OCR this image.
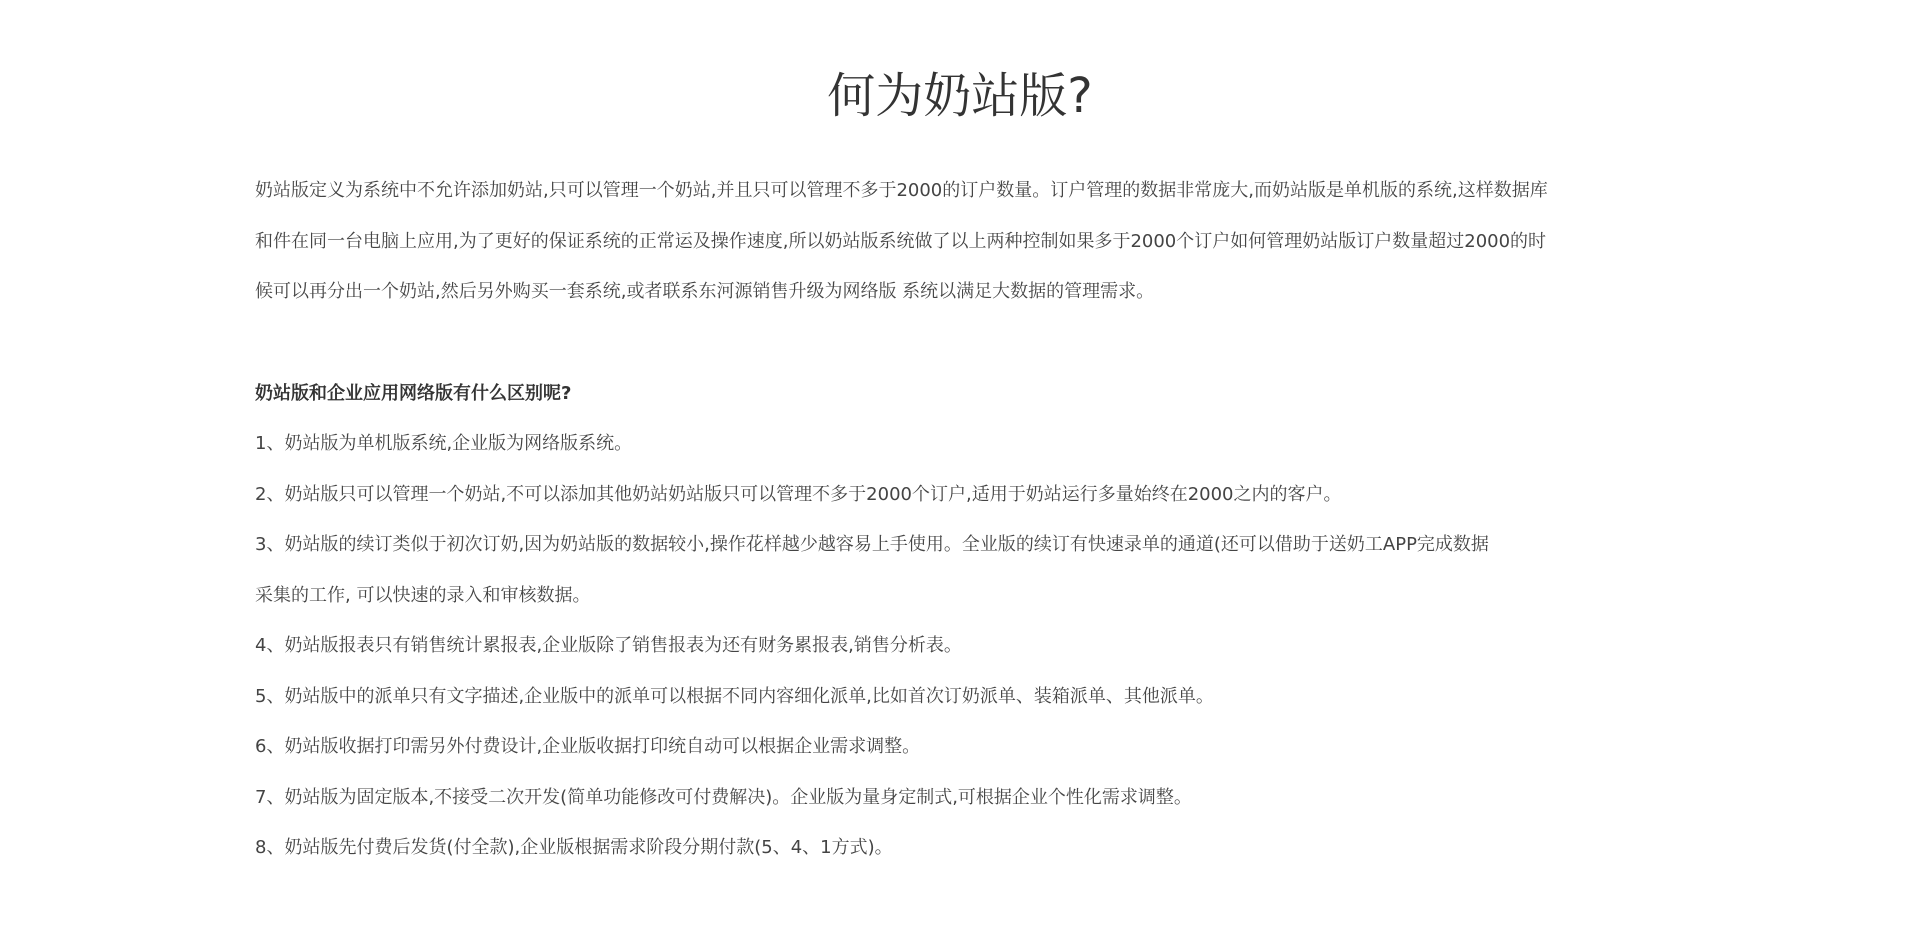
何为奶站版?

奶站版定义为系统中不允许添加奶站,只可以管理一个奶站,并且只可以管理不多于2000的订户数量。订户管理的数据非常庞大,而奶站版是单机版的系统,这样数据库

和件在同一台电脑上应用,为了更好的保证系统的正常运及操作速度,所以奶站版系统做了以上两种控制如果多于2000个订户如何管理奶站版订户数量超过2000的时

候可以再分出一个奶站,然后另外购买一套系统,或者联系东河源销售升级为网络版 系统以满足大数据的管理需求。

奶站版和企业应用网络版有什么区别呢?

1、奶站版为单机版系统,企业版为网络版系统。

2、奶站版只可以管理一个奶站,不可以添加其他奶站奶站版只可以管理不多于2000个订户,适用于奶站运行多量始终在2000之内的客户。

3、奶站版的续订类似于初次订奶,因为奶站版的数据较小,操作花样越少越容易上手使用。全业版的续订有快速录单的通道(还可以借助于送奶工APP完成数据

采集的工作, 可以快速的录入和审核数据。

4、奶站版报表只有销售统计累报表,企业版除了销售报表为还有财务累报表,销售分析表。

5、奶站版中的派单只有文字描述,企业版中的派单可以根据不同内容细化派单,比如首次订奶派单、装箱派单、其他派单。

6、奶站版收据打印需另外付费设计,企业版收据打印统自动可以根据企业需求调整。

7、奶站版为固定版本,不接受二次开发(简单功能修改可付费解决)。企业版为量身定制式,可根据企业个性化需求调整。

8、奶站版先付费后发货(付全款),企业版根据需求阶段分期付款(5、4、1方式)。
